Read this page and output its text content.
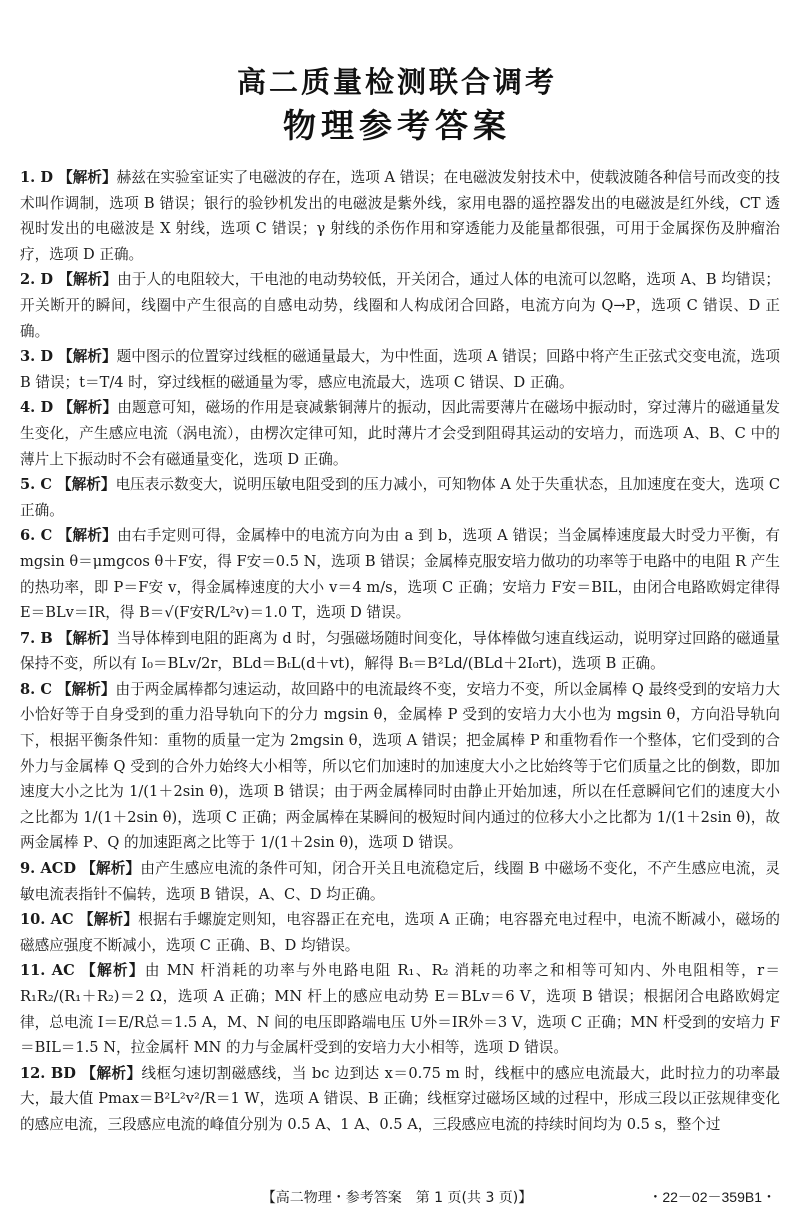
高二质量检测联合调考
物理参考答案

1. D 【解析】赫兹在实验室证实了电磁波的存在，选项 A 错误；在电磁波发射技术中，使载波随各种信号而改变的技术叫作调制，选项 B 错误；银行的验钞机发出的电磁波是紫外线，家用电器的遥控器发出的电磁波是红外线，CT 透视时发出的电磁波是 X 射线，选项 C 错误；γ 射线的杀伤作用和穿透能力及能量都很强，可用于金属探伤及肿瘤治疗，选项 D 正确。

2. D 【解析】由于人的电阻较大，干电池的电动势较低，开关闭合，通过人体的电流可以忽略，选项 A、B 均错误；开关断开的瞬间，线圈中产生很高的自感电动势，线圈和人构成闭合回路，电流方向为 Q→P，选项 C 错误、D 正确。

3. D 【解析】题中图示的位置穿过线框的磁通量最大，为中性面，选项 A 错误；回路中将产生正弦式交变电流，选项 B 错误；t＝T/4 时，穿过线框的磁通量为零，感应电流最大，选项 C 错误、D 正确。

4. D 【解析】由题意可知，磁场的作用是衰减紫铜薄片的振动，因此需要薄片在磁场中振动时，穿过薄片的磁通量发生变化，产生感应电流（涡电流），由楞次定律可知，此时薄片才会受到阻碍其运动的安培力，而选项 A、B、C 中的薄片上下振动时不会有磁通量变化，选项 D 正确。

5. C 【解析】电压表示数变大，说明压敏电阻受到的压力减小，可知物体 A 处于失重状态，且加速度在变大，选项 C 正确。

6. C 【解析】由右手定则可得，金属棒中的电流方向为由 a 到 b，选项 A 错误；当金属棒速度最大时受力平衡，有 mgsin θ＝μmgcos θ＋F安，得 F安＝0.5 N，选项 B 错误；金属棒克服安培力做功的功率等于电路中的电阻 R 产生的热功率，即 P＝F安 v，得金属棒速度的大小 v＝4 m/s，选项 C 正确；安培力 F安＝BIL，由闭合电路欧姆定律得 E＝BLv＝IR，得 B＝√(F安R/L²v)＝1.0 T，选项 D 错误。

7. B 【解析】当导体棒到电阻的距离为 d 时，匀强磁场随时间变化，导体棒做匀速直线运动，说明穿过回路的磁通量保持不变，所以有 I₀＝BLv/2r，BLd＝BₜL(d＋vt)，解得 Bₜ＝B²Ld/(BLd＋2I₀rt)，选项 B 正确。

8. C 【解析】由于两金属棒都匀速运动，故回路中的电流最终不变，安培力不变，所以金属棒 Q 最终受到的安培力大小恰好等于自身受到的重力沿导轨向下的分力 mgsin θ，金属棒 P 受到的安培力大小也为 mgsin θ，方向沿导轨向下，根据平衡条件知：重物的质量一定为 2mgsin θ，选项 A 错误；把金属棒 P 和重物看作一个整体，它们受到的合外力与金属棒 Q 受到的合外力始终大小相等，所以它们加速时的加速度大小之比始终等于它们质量之比的倒数，即加速度大小之比为 1/(1＋2sin θ)，选项 B 错误；由于两金属棒同时由静止开始加速，所以在任意瞬间它们的速度大小之比都为 1/(1＋2sin θ)，选项 C 正确；两金属棒在某瞬间的极短时间内通过的位移大小之比都为 1/(1＋2sin θ)，故两金属棒 P、Q 的加速距离之比等于 1/(1＋2sin θ)，选项 D 错误。

9. ACD 【解析】由产生感应电流的条件可知，闭合开关且电流稳定后，线圈 B 中磁场不变化，不产生感应电流，灵敏电流表指针不偏转，选项 B 错误，A、C、D 均正确。

10. AC 【解析】根据右手螺旋定则知，电容器正在充电，选项 A 正确；电容器充电过程中，电流不断减小，磁场的磁感应强度不断减小，选项 C 正确、B、D 均错误。

11. AC 【解析】由 MN 杆消耗的功率与外电路电阻 R₁、R₂ 消耗的功率之和相等可知内、外电阻相等，r＝R₁R₂/(R₁＋R₂)＝2 Ω，选项 A 正确；MN 杆上的感应电动势 E＝BLv＝6 V，选项 B 错误；根据闭合电路欧姆定律，总电流 I＝E/R总＝1.5 A，M、N 间的电压即路端电压 U外＝IR外＝3 V，选项 C 正确；MN 杆受到的安培力 F＝BIL＝1.5 N，拉金属杆 MN 的力与金属杆受到的安培力大小相等，选项 D 错误。

12. BD 【解析】线框匀速切割磁感线，当 bc 边到达 x＝0.75 m 时，线框中的感应电流最大，此时拉力的功率最大，最大值 Pmax＝B²L²v²/R＝1 W，选项 A 错误、B 正确；线框穿过磁场区域的过程中，形成三段以正弦规律变化的感应电流，三段感应电流的峰值分别为 0.5 A、1 A、0.5 A，三段感应电流的持续时间均为 0.5 s，整个过

【高二物理・参考答案　第 1 页(共 3 页)】	・22－02－359B1・
